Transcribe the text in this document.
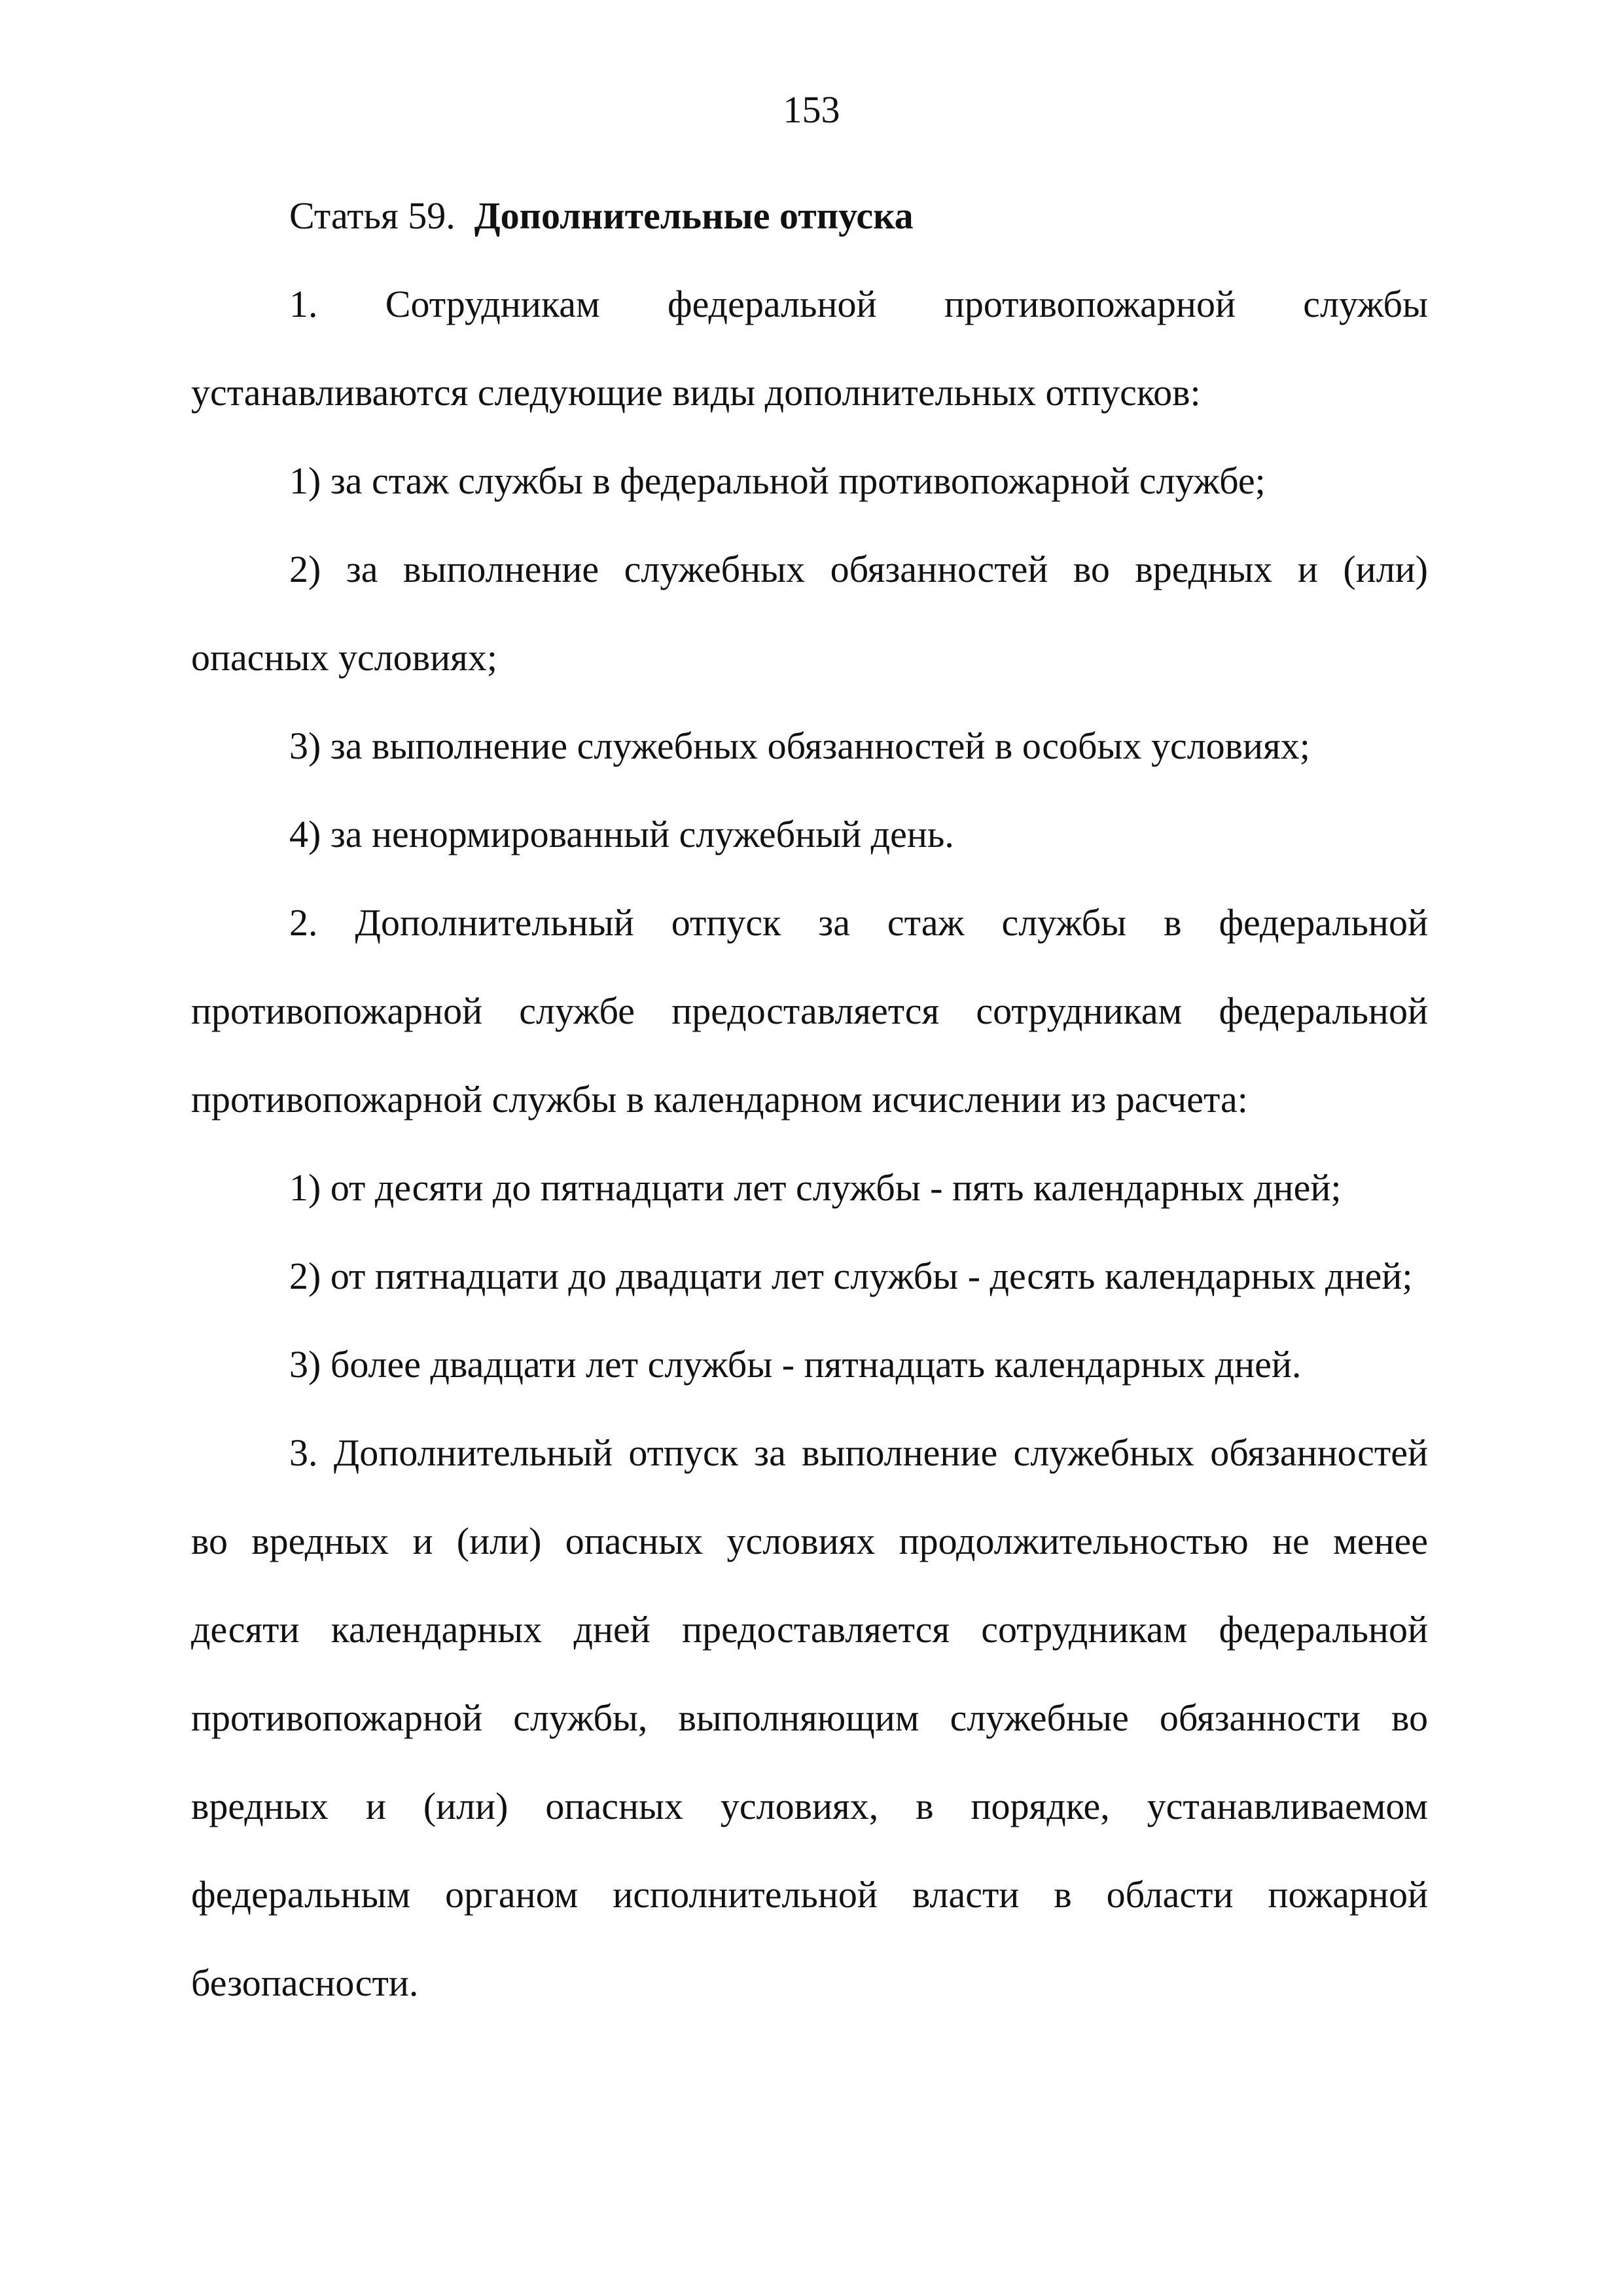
153

Статья 59. Дополнительные отпуска

1. Сотрудникам федеральной противопожарной службы устанавливаются следующие виды дополнительных отпусков:

1) за стаж службы в федеральной противопожарной службе;

2) за выполнение служебных обязанностей во вредных и (или) опасных условиях;

3) за выполнение служебных обязанностей в особых условиях;

4) за ненормированный служебный день.

2. Дополнительный отпуск за стаж службы в федеральной противопожарной службе предоставляется сотрудникам федеральной противопожарной службы в календарном исчислении из расчета:

1) от десяти до пятнадцати лет службы - пять календарных дней;

2) от пятнадцати до двадцати лет службы - десять календарных дней;

3) более двадцати лет службы - пятнадцать календарных дней.

3. Дополнительный отпуск за выполнение служебных обязанностей во вредных и (или) опасных условиях продолжительностью не менее десяти календарных дней предоставляется сотрудникам федеральной противопожарной службы, выполняющим служебные обязанности во вредных и (или) опасных условиях, в порядке, устанавливаемом федеральным органом исполнительной власти в области пожарной безопасности.
